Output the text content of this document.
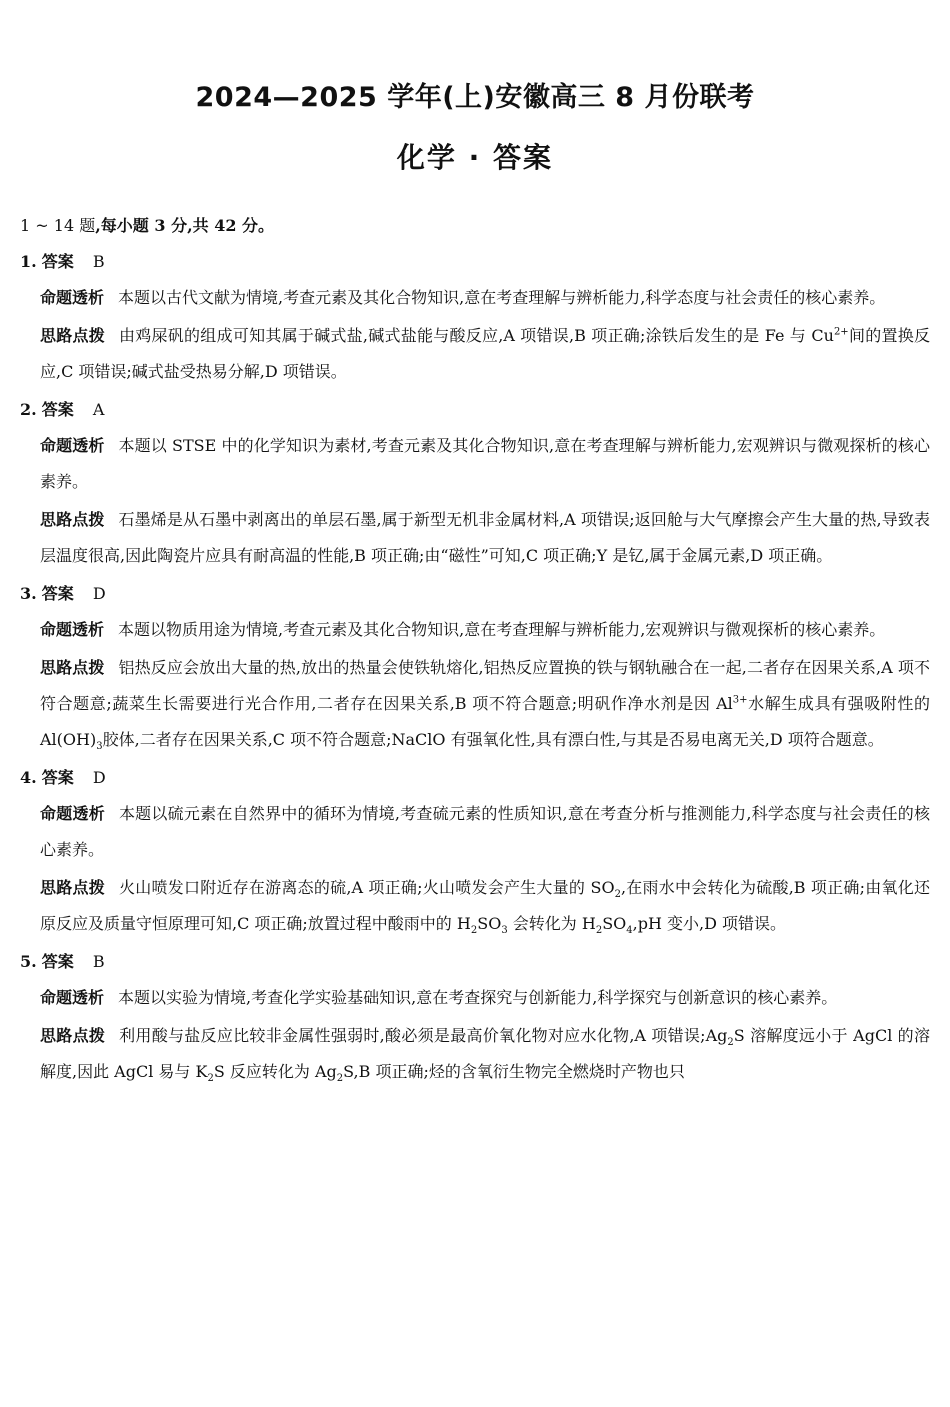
2024—2025 学年(上)安徽高三 8 月份联考
化学 · 答案
1 ~ 14 题,每小题 3 分,共 42 分。
1. 答案 B

命题透析 本题以古代文献为情境,考查元素及其化合物知识,意在考查理解与辨析能力,科学态度与社会责任的核心素养。

思路点拨 由鸡屎矾的组成可知其属于碱式盐,碱式盐能与酸反应,A 项错误,B 项正确;涂铁后发生的是 Fe 与 $Cu^{2+}$间的置换反应,C 项错误;碱式盐受热易分解,D 项错误。

2. 答案 A

命题透析 本题以 STSE 中的化学知识为素材,考查元素及其化合物知识,意在考查理解与辨析能力,宏观辨识与微观探析的核心素养。

思路点拨 石墨烯是从石墨中剥离出的单层石墨,属于新型无机非金属材料,A 项错误;返回舱与大气摩擦会产生大量的热,导致表层温度很高,因此陶瓷片应具有耐高温的性能,B 项正确;由“磁性”可知,C 项正确;Y 是钇,属于金属元素,D 项正确。

3. 答案 D

命题透析 本题以物质用途为情境,考查元素及其化合物知识,意在考查理解与辨析能力,宏观辨识与微观探析的核心素养。

思路点拨 铝热反应会放出大量的热,放出的热量会使铁轨熔化,铝热反应置换的铁与钢轨融合在一起,二者存在因果关系,A 项不符合题意;蔬菜生长需要进行光合作用,二者存在因果关系,B 项不符合题意;明矾作净水剂是因 $Al^{3+}$水解生成具有强吸附性的 $Al(OH)_3$胶体,二者存在因果关系,C 项不符合题意;NaClO 有强氧化性,具有漂白性,与其是否易电离无关,D 项符合题意。

4. 答案 D

命题透析 本题以硫元素在自然界中的循环为情境,考查硫元素的性质知识,意在考查分析与推测能力,科学态度与社会责任的核心素养。

思路点拨 火山喷发口附近存在游离态的硫,A 项正确;火山喷发会产生大量的 $SO_2$,在雨水中会转化为硫酸,B 项正确;由氧化还原反应及质量守恒原理可知,C 项正确;放置过程中酸雨中的 $H_2SO_3$ 会转化为 $H_2SO_4,pH$ 变小,D 项错误。

5. 答案 B

命题透析 本题以实验为情境,考查化学实验基础知识,意在考查探究与创新能力,科学探究与创新意识的核心素养。

思路点拨 利用酸与盐反应比较非金属性强弱时,酸必须是最高价氧化物对应水化物,A 项错误$;Ag_2S$ 溶解度远小于 AgCl 的溶解度,因此 AgCl 易与 $K_2S$ 反应转化为 $Ag_2S,B$ 项正确;烃的含氧衍生物完全燃烧时产物也只
